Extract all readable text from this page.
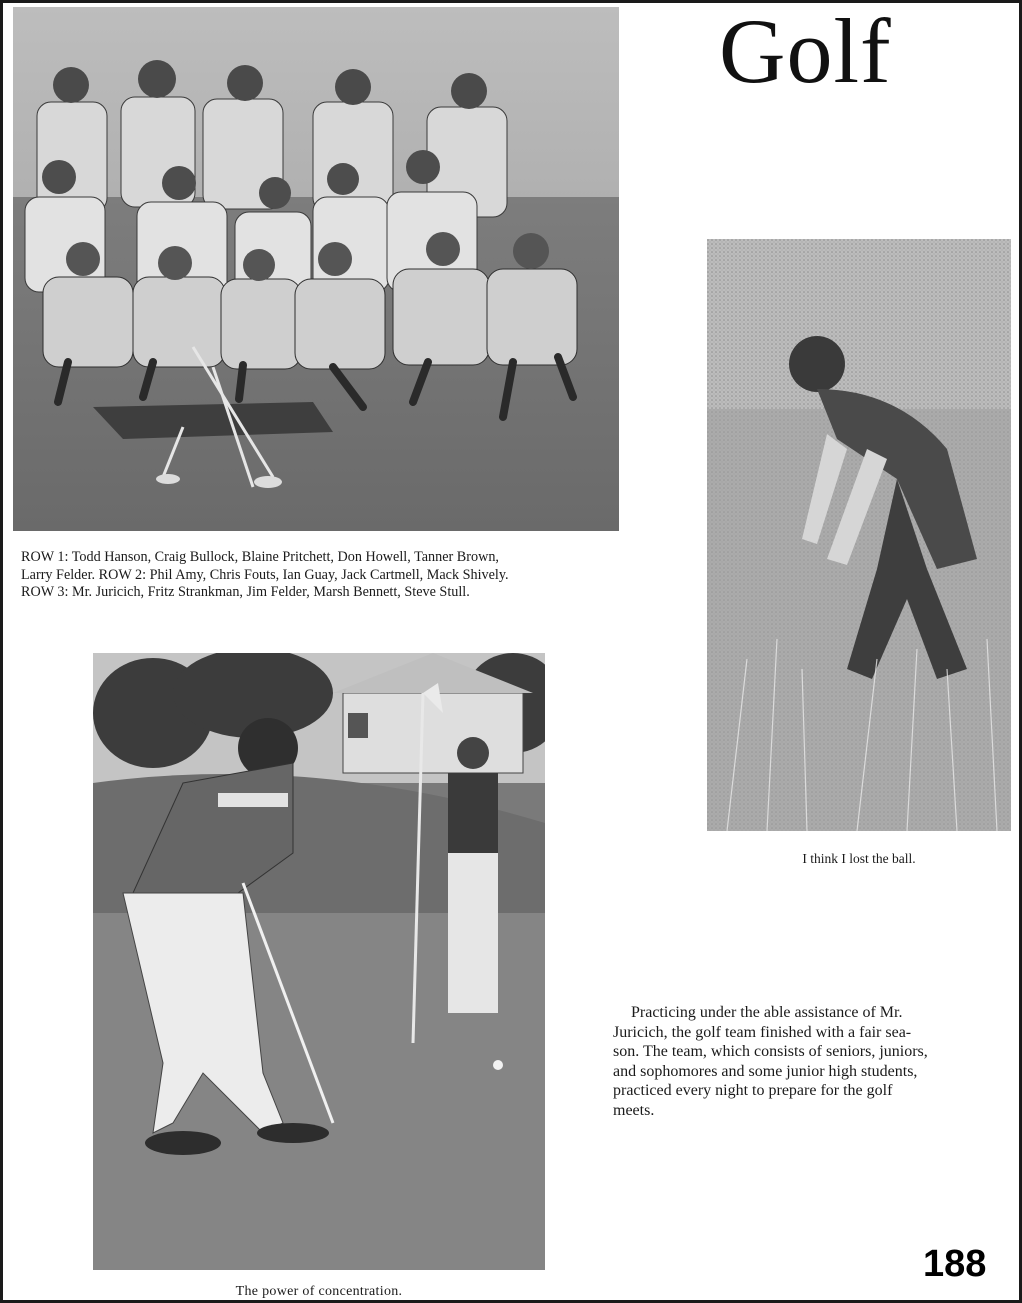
Golf
ROW 1: Todd Hanson, Craig Bullock, Blaine Pritchett, Don Howell, Tanner Brown,
Larry Felder. ROW 2: Phil Amy, Chris Fouts, Ian Guay, Jack Cartmell, Mack Shively.
ROW 3: Mr. Juricich, Fritz Strankman, Jim Felder, Marsh Bennett, Steve Stull.
I think I lost the ball.
The power of concentration.
Practicing under the able assistance of Mr.
Juricich, the golf team finished with a fair sea-
son. The team, which consists of seniors, juniors,
and sophomores and some junior high students,
practiced every night to prepare for the golf
meets.
188
